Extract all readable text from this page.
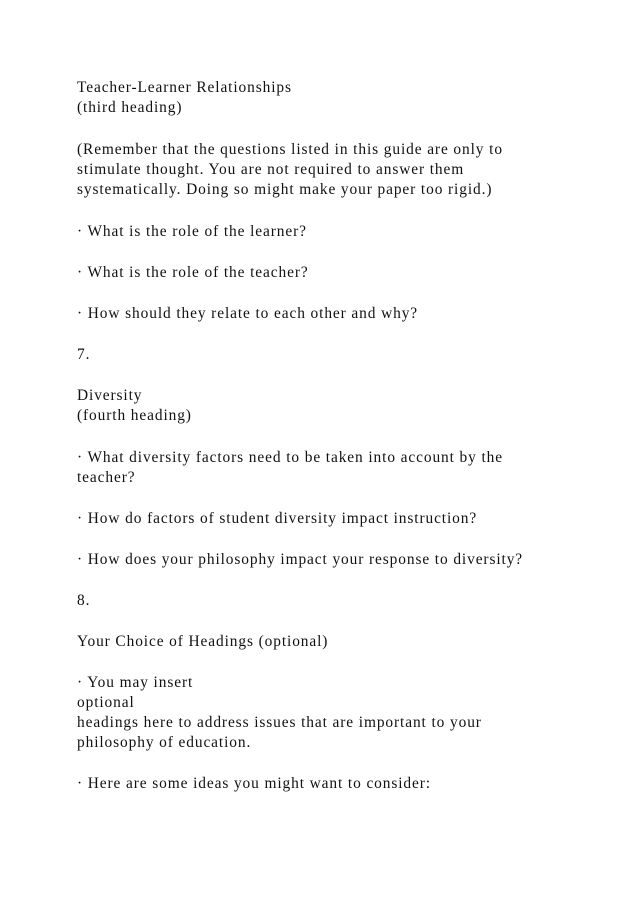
Teacher-Learner Relationships

(third heading)

(Remember that the questions listed in this guide are only to

stimulate thought. You are not required to answer them

systematically. Doing so might make your paper too rigid.)

· What is the role of the learner?

· What is the role of the teacher?

· How should they relate to each other and why?

7.

Diversity

(fourth heading)

· What diversity factors need to be taken into account by the

teacher?

· How do factors of student diversity impact instruction?

· How does your philosophy impact your response to diversity?

8.

Your Choice of Headings (optional)

· You may insert

optional

headings here to address issues that are important to your

philosophy of education.

· Here are some ideas you might want to consider:
